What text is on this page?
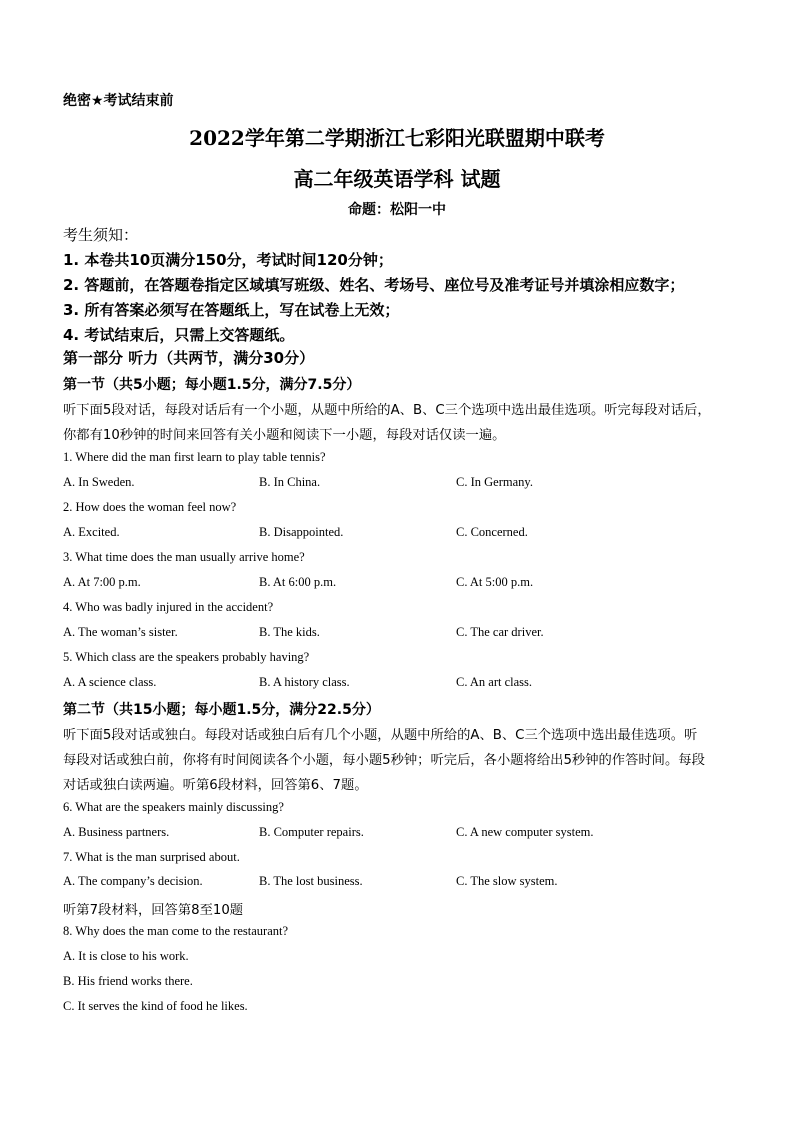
绝密★考试结束前
2022学年第二学期浙江七彩阳光联盟期中联考
高二年级英语学科 试题
命题：松阳一中
考生须知：
1. 本卷共10页满分150分，考试时间120分钟；
2. 答题前，在答题卷指定区域填写班级、姓名、考场号、座位号及准考证号并填涂相应数字；
3. 所有答案必须写在答题纸上，写在试卷上无效；
4. 考试结束后，只需上交答题纸。
第一部分 听力（共两节，满分30分）
第一节（共5小题；每小题1.5分，满分7.5分）
听下面5段对话，每段对话后有一个小题，从题中所给的A、B、C三个选项中选出最佳选项。听完每段对话后，
你都有10秒钟的时间来回答有关小题和阅读下一小题，每段对话仅读一遍。
1. Where did the man first learn to play table tennis?
A. In Sweden.	B. In China.	C. In Germany.
2. How does the woman feel now?
A. Excited.	B. Disappointed.	C. Concerned.
3. What time does the man usually arrive home?
A. At 7:00 p.m.	B. At 6:00 p.m.	C. At 5:00 p.m.
4. Who was badly injured in the accident?
A. The woman’s sister.	B. The kids.	C. The car driver.
5. Which class are the speakers probably having?
A. A science class.	B. A history class.	C. An art class.
第二节（共15小题；每小题1.5分，满分22.5分）
听下面5段对话或独白。每段对话或独白后有几个小题，从题中所给的A、B、C三个选项中选出最佳选项。听
每段对话或独白前，你将有时间阅读各个小题，每小题5秒钟；听完后，各小题将给出5秒钟的作答时间。每段
对话或独白读两遍。听第6段材料，回答第6、7题。
6. What are the speakers mainly discussing?
A. Business partners.	B. Computer repairs.	C. A new computer system.
7. What is the man surprised about.
A. The company’s decision.	B. The lost business.	C. The slow system.
听第7段材料，回答第8至10题
8. Why does the man come to the restaurant?
A. It is close to his work.
B. His friend works there.
C. It serves the kind of food he likes.
